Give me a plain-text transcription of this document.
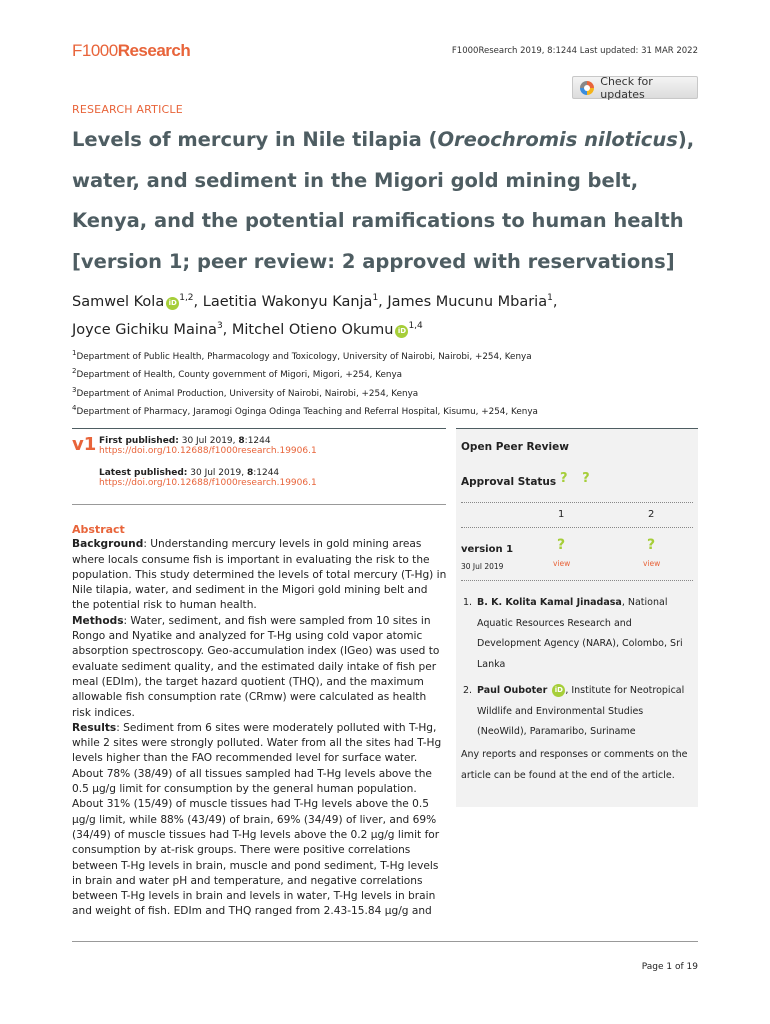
F1000Research	F1000Research 2019, 8:1244 Last updated: 31 MAR 2022
Check for updates
RESEARCH ARTICLE
Levels of mercury in Nile tilapia (Oreochromis niloticus), water, and sediment in the Migori gold mining belt, Kenya, and the potential ramifications to human health [version 1; peer review: 2 approved with reservations]
Samwel Kola iD $^{1,2}$, Laetitia Wakonyu Kanja$^1$, James Mucunu Mbaria$^1$,
Joyce Gichiku Maina$^3$, Mitchel Otieno Okumu iD $^{1,4}$
$^1$Department of Public Health, Pharmacology and Toxicology, University of Nairobi, Nairobi, +254, Kenya
$^2$Department of Health, County government of Migori, Migori, +254, Kenya
$^3$Department of Animal Production, University of Nairobi, Nairobi, +254, Kenya
$^4$Department of Pharmacy, Jaramogi Oginga Odinga Teaching and Referral Hospital, Kisumu, +254, Kenya
v1 First published: 30 Jul 2019, 8:1244
https://doi.org/10.12688/f1000research.19906.1
Latest published: 30 Jul 2019, 8:1244
https://doi.org/10.12688/f1000research.19906.1
Abstract

Background: Understanding mercury levels in gold mining areas where locals consume fish is important in evaluating the risk to the population. This study determined the levels of total mercury (T-Hg) in Nile tilapia, water, and sediment in the Migori gold mining belt and the potential risk to human health.

Methods: Water, sediment, and fish were sampled from 10 sites in Rongo and Nyatike and analyzed for T-Hg using cold vapor atomic absorption spectroscopy. Geo-accumulation index (IGeo) was used to evaluate sediment quality, and the estimated daily intake of fish per meal (EDIm), the target hazard quotient (THQ), and the maximum allowable fish consumption rate (CRmw) were calculated as health risk indices.

Results: Sediment from 6 sites were moderately polluted with T-Hg, while 2 sites were strongly polluted. Water from all the sites had T-Hg levels higher than the FAO recommended level for surface water. About 78% (38/49) of all tissues sampled had T-Hg levels above the 0.5 μg/g limit for consumption by the general human population. About 31% (15/49) of muscle tissues had T-Hg levels above the 0.5 μg/g limit, while 88% (43/49) of brain, 69% (34/49) of liver, and 69% (34/49) of muscle tissues had T-Hg levels above the 0.2 μg/g limit for consumption by at-risk groups. There were positive correlations between T-Hg levels in brain, muscle and pond sediment, T-Hg levels in brain and water pH and temperature, and negative correlations between T-Hg levels in brain and levels in water, T-Hg levels in brain and weight of fish. EDIm and THQ ranged from 2.43-15.84 μg/g and

Open Peer Review
Approval Status ? ?
1	2
version 1
30 Jul 2019
?	?
view	view
1. B. K. Kolita Kamal Jinadasa, National Aquatic Resources Research and Development Agency (NARA), Colombo, Sri Lanka
2. Paul Ouboter iD , Institute for Neotropical Wildlife and Environmental Studies (NeoWild), Paramaribo, Suriname
Any reports and responses or comments on the article can be found at the end of the article.
Page 1 of 19
